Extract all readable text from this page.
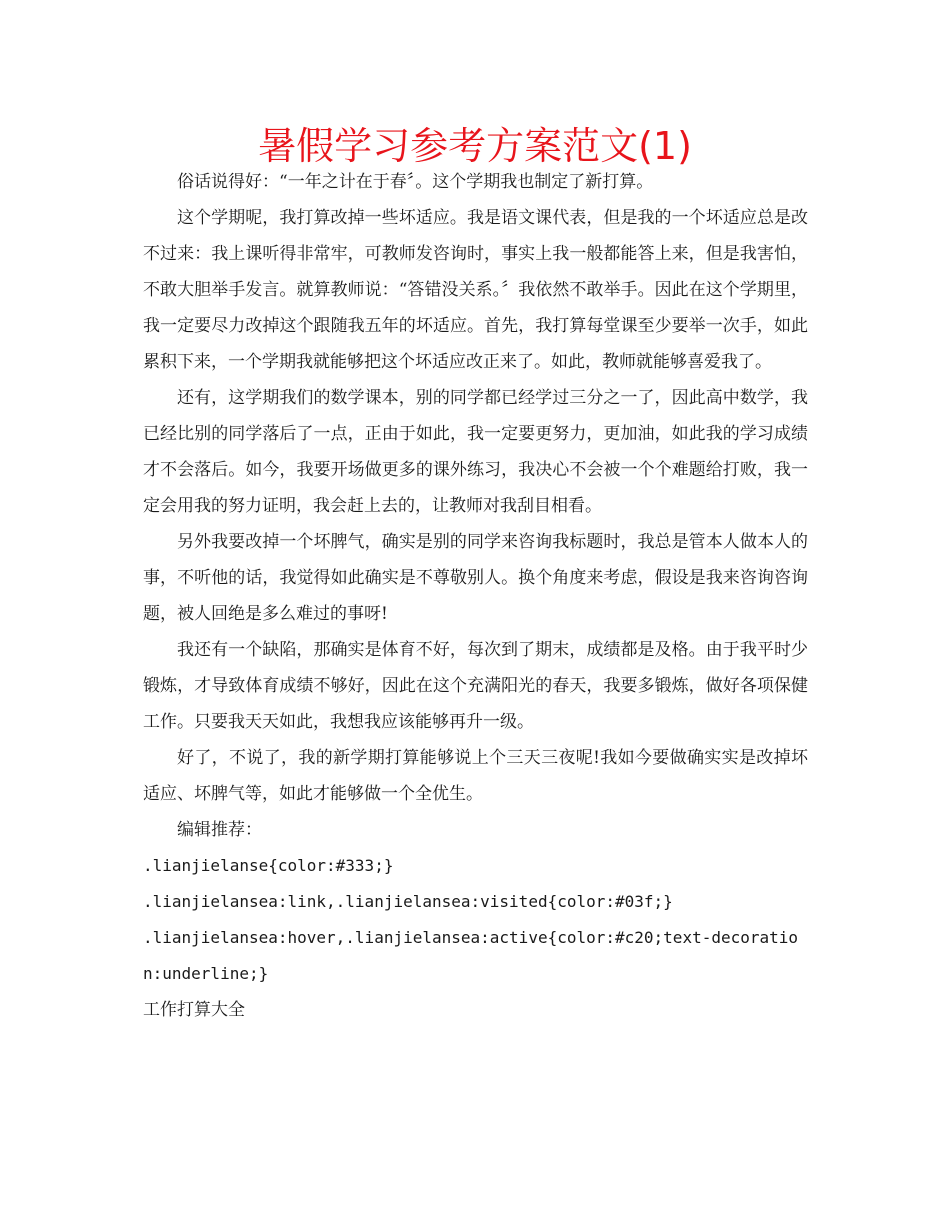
暑假学习参考方案范文(1)

俗话说得好：“一年之计在于春〞。这个学期我也制定了新打算。

这个学期呢，我打算改掉一些坏适应。我是语文课代表，但是我的一个坏适应总是改不过来：我上课听得非常牢，可教师发咨询时，事实上我一般都能答上来，但是我害怕，不敢大胆举手发言。就算教师说：“答错没关系。〞我依然不敢举手。因此在这个学期里，我一定要尽力改掉这个跟随我五年的坏适应。首先，我打算每堂课至少要举一次手，如此累积下来，一个学期我就能够把这个坏适应改正来了。如此，教师就能够喜爱我了。

还有，这学期我们的数学课本，别的同学都已经学过三分之一了，因此高中数学，我已经比别的同学落后了一点，正由于如此，我一定要更努力，更加油，如此我的学习成绩才不会落后。如今，我要开场做更多的课外练习，我决心不会被一个个难题给打败，我一定会用我的努力证明，我会赶上去的，让教师对我刮目相看。

另外我要改掉一个坏脾气，确实是别的同学来咨询我标题时，我总是管本人做本人的事，不听他的话，我觉得如此确实是不尊敬别人。换个角度来考虑，假设是我来咨询咨询题，被人回绝是多么难过的事呀!

我还有一个缺陷，那确实是体育不好，每次到了期末，成绩都是及格。由于我平时少锻炼，才导致体育成绩不够好，因此在这个充满阳光的春天，我要多锻炼，做好各项保健工作。只要我天天如此，我想我应该能够再升一级。

好了，不说了，我的新学期打算能够说上个三天三夜呢!我如今要做确实实是改掉坏适应、坏脾气等，如此才能够做一个全优生。

编辑推荐：

.lianjielanse{color:#333;}

.lianjielansea:link,.lianjielansea:visited{color:#03f;}

.lianjielansea:hover,.lianjielansea:active{color:#c20;text-decoration:underline;}

工作打算大全
